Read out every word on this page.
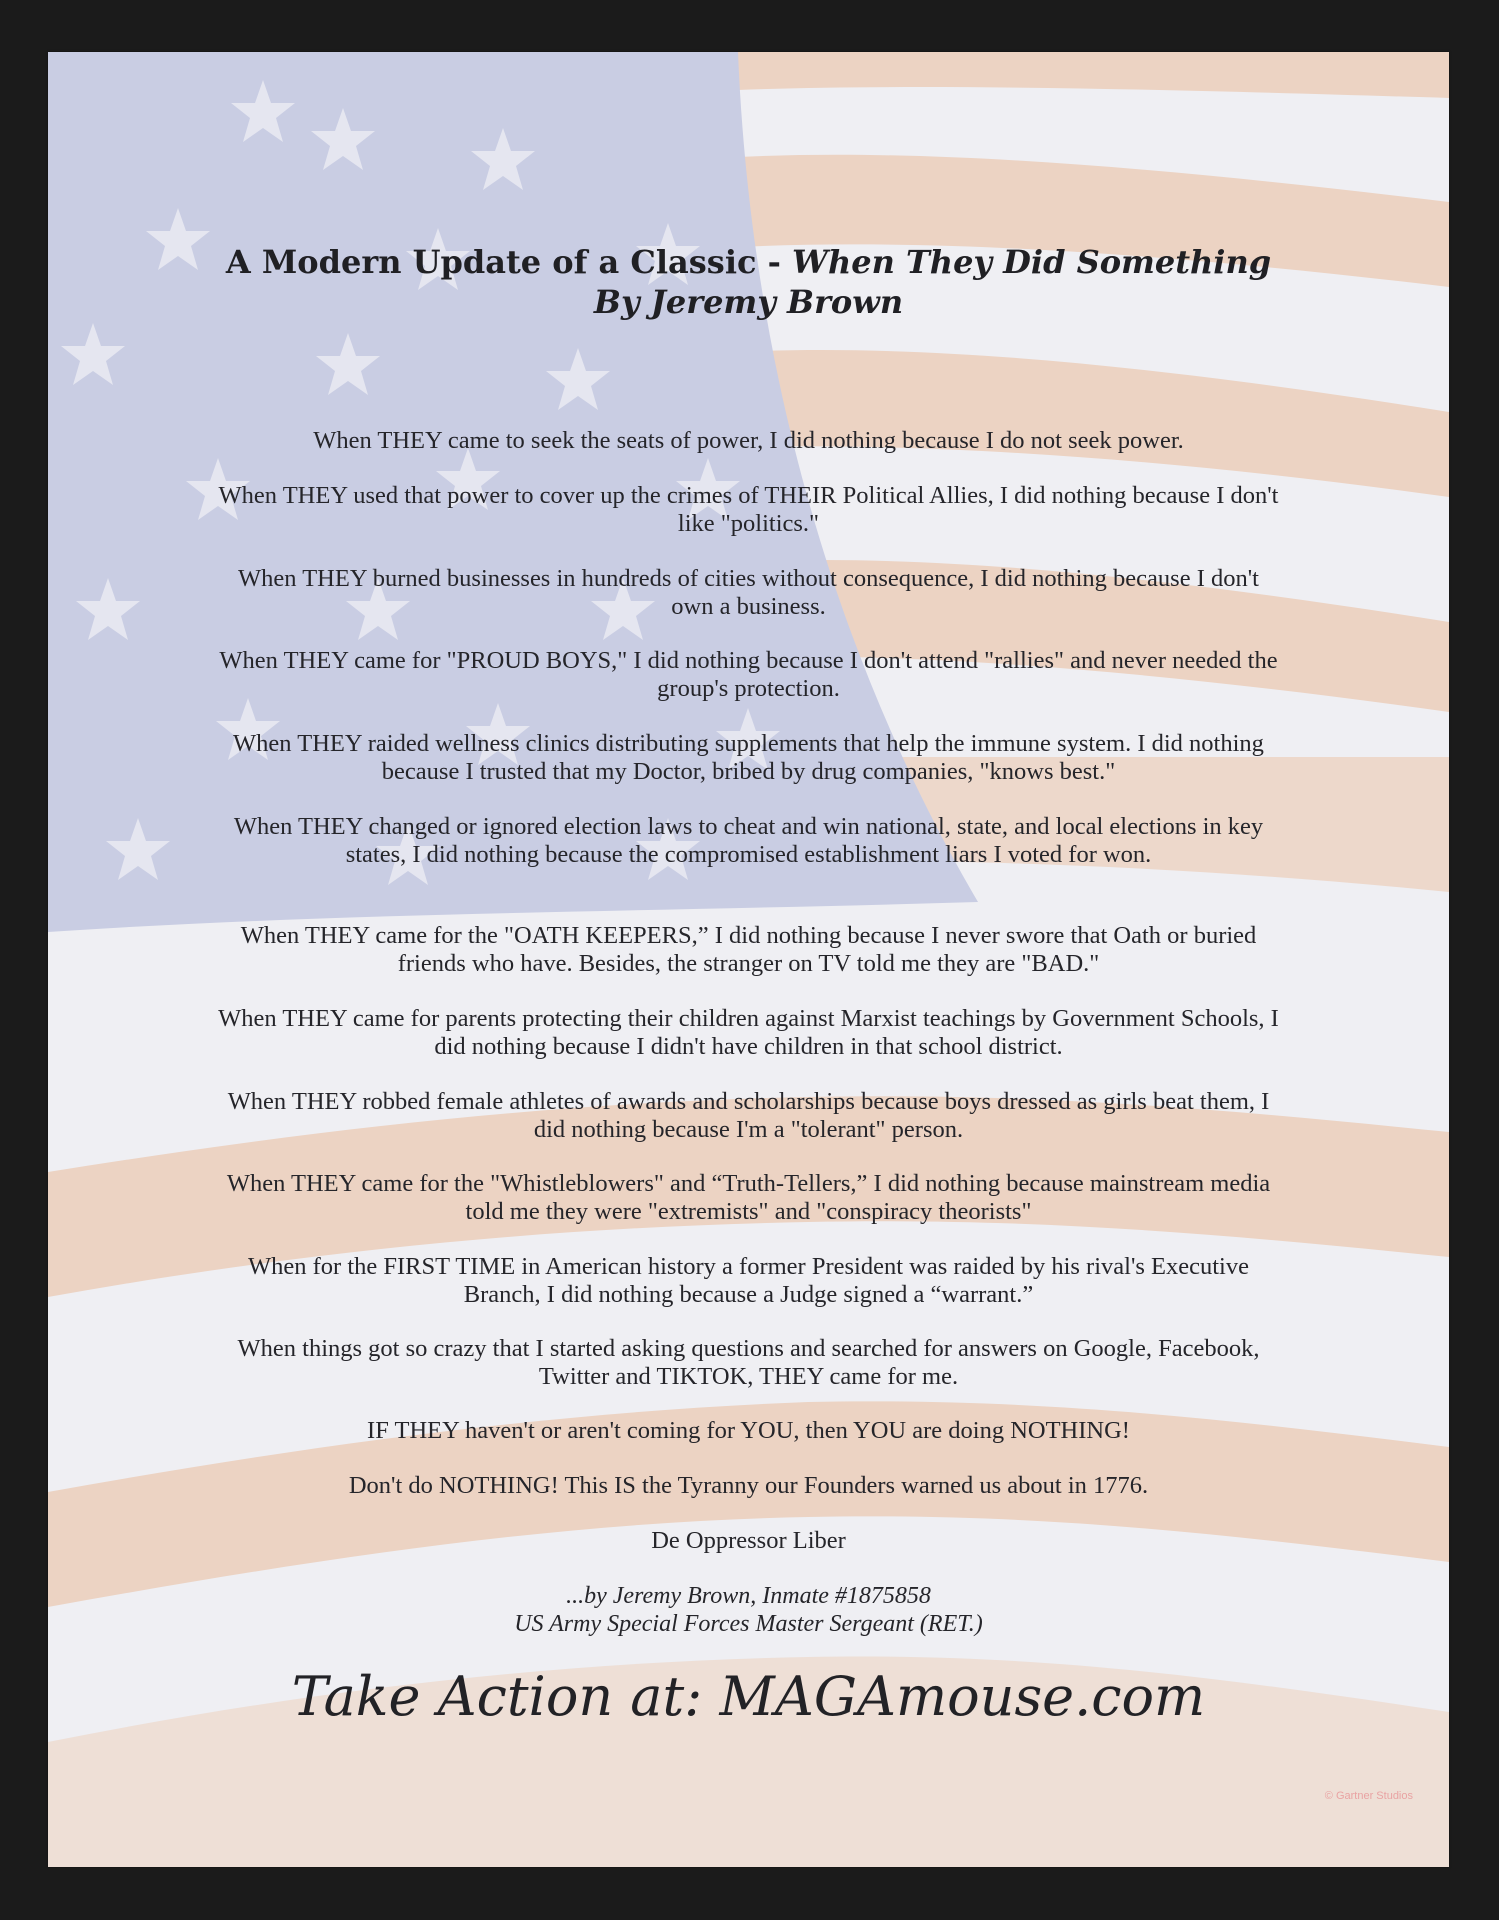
A Modern Update of a Classic - When They Did Something
By Jeremy Brown

When THEY came to seek the seats of power, I did nothing because I do not seek power.

When THEY used that power to cover up the crimes of THEIR Political Allies, I did nothing because I don't like "politics."

When THEY burned businesses in hundreds of cities without consequence, I did nothing because I don't own a business.

When THEY came for "PROUD BOYS," I did nothing because I don't attend "rallies" and never needed the group's protection.

When THEY raided wellness clinics distributing supplements that help the immune system. I did nothing because I trusted that my Doctor, bribed by drug companies, "knows best."

When THEY changed or ignored election laws to cheat and win national, state, and local elections in key states, I did nothing because the compromised establishment liars I voted for won.

When THEY came for the "OATH KEEPERS,” I did nothing because I never swore that Oath or buried friends who have. Besides, the stranger on TV told me they are "BAD."

When THEY came for parents protecting their children against Marxist teachings by Government Schools, I did nothing because I didn't have children in that school district.

When THEY robbed female athletes of awards and scholarships because boys dressed as girls beat them, I did nothing because I'm a "tolerant" person.

When THEY came for the "Whistleblowers" and “Truth-Tellers,” I did nothing because mainstream media told me they were "extremists" and "conspiracy theorists"

When for the FIRST TIME in American history a former President was raided by his rival's Executive Branch, I did nothing because a Judge signed a “warrant.”

When things got so crazy that I started asking questions and searched for answers on Google, Facebook, Twitter and TIKTOK, THEY came for me.

IF THEY haven't or aren't coming for YOU, then YOU are doing NOTHING!

Don't do NOTHING! This IS the Tyranny our Founders warned us about in 1776.

De Oppressor Liber

...by Jeremy Brown, Inmate #1875858

US Army Special Forces Master Sergeant (RET.)

Take Action at: MAGAmouse.com

© Gartner Studios
